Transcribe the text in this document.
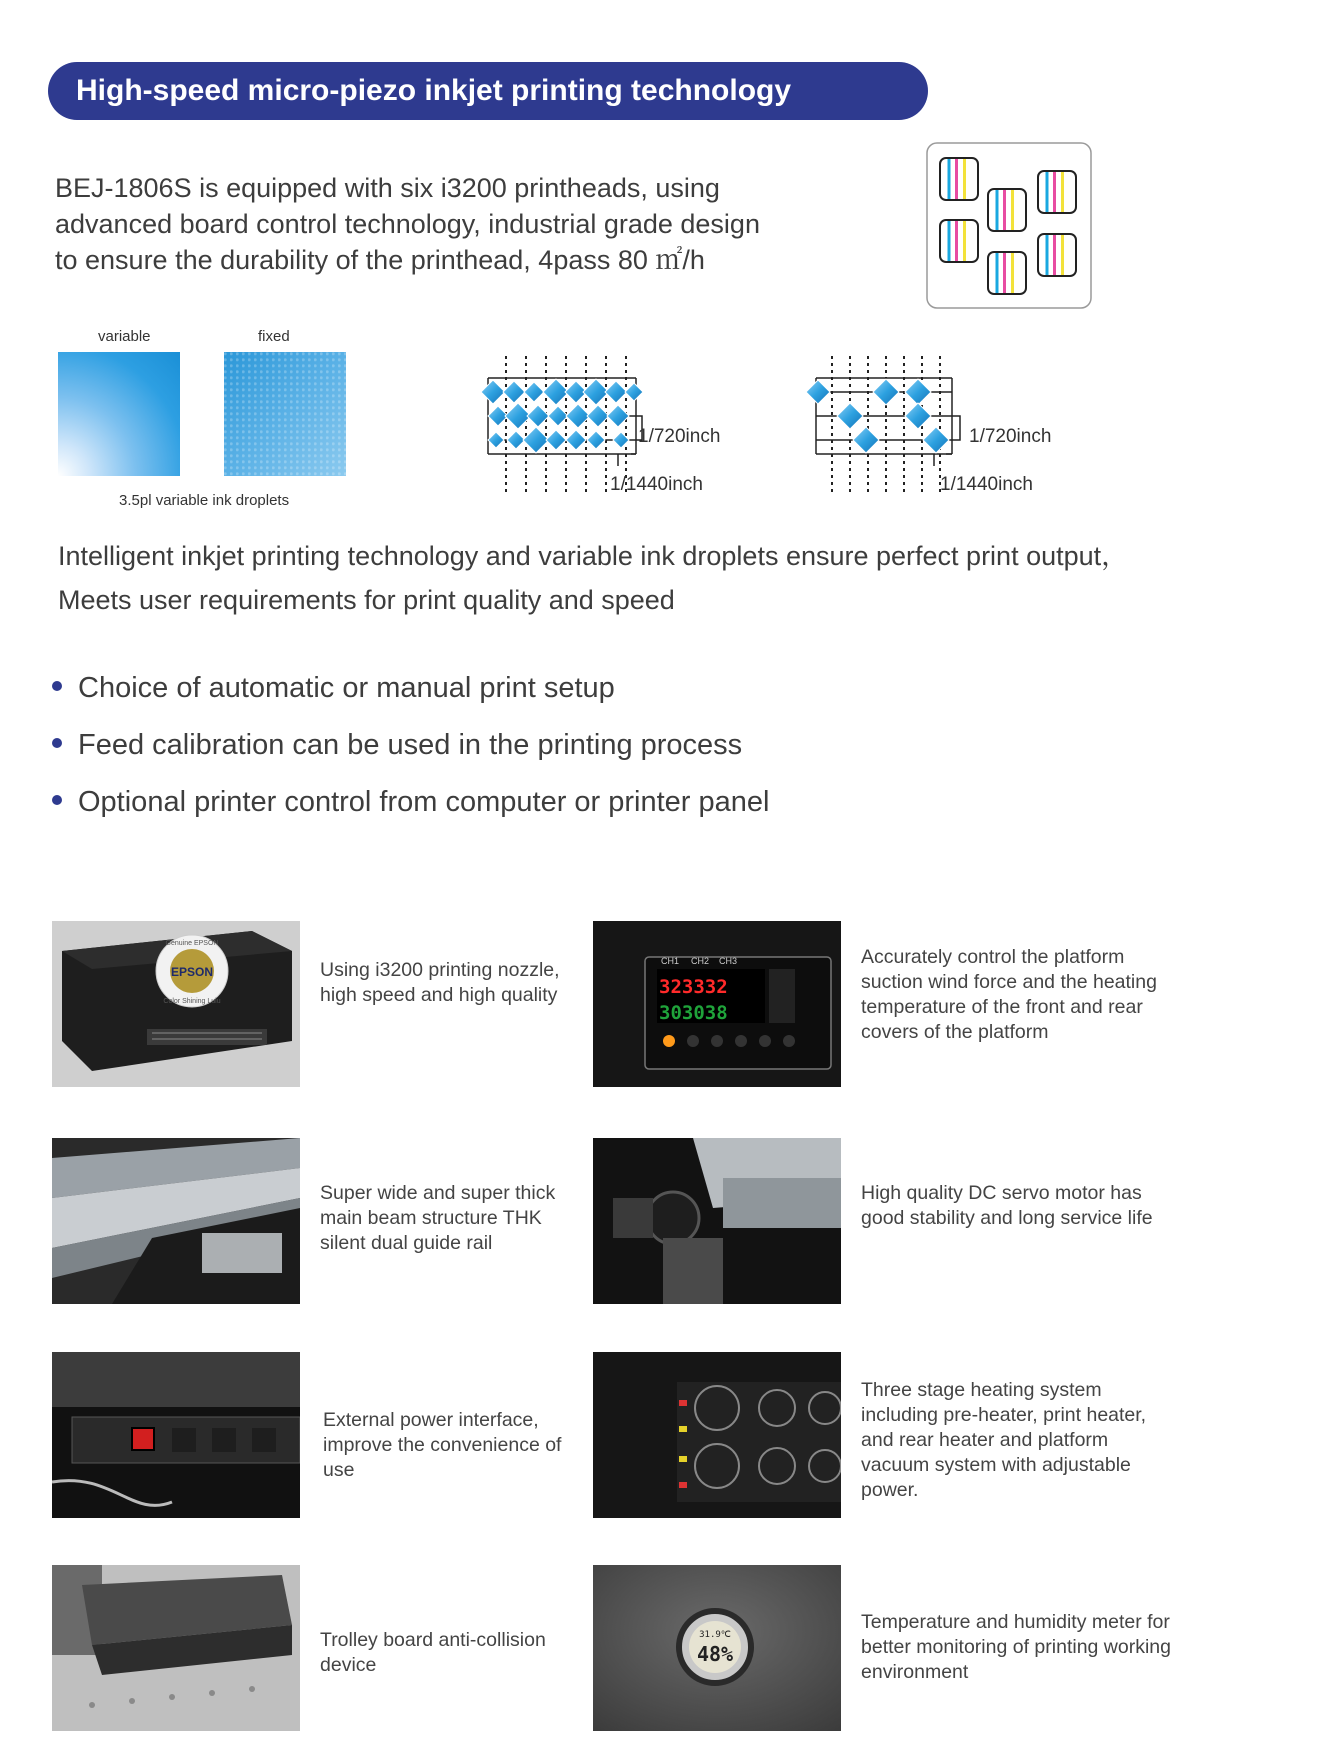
High-speed micro-piezo inkjet printing technology
BEJ-1806S is equipped with six i3200 printheads, using
advanced board control technology, industrial grade design
to ensure the durability of the printhead, 4pass 80 ㎡/h
variable	fixed
3.5pl variable ink droplets
1/720inch
1/1440inch
1/720inch
1/1440inch
Intelligent inkjet printing technology and variable ink droplets ensure perfect print output，
Meets user requirements for print quality and speed
Choice of automatic or manual print setup
Feed calibration can be used in the printing process
Optional printer control from computer or printer panel
EPSON
Genuine EPSON
Color Shining Lulu
Using i3200 printing nozzle, high speed and high quality
CH1 CH2 CH3
323332
303038
Accurately control the platform suction wind force and the heating temperature of the front and rear covers of the platform
Super wide and super thick main beam structure THK silent dual guide rail
High quality DC servo motor has good stability and long service life
External power interface, improve the convenience of use
Three stage heating system including pre-heater, print heater, and rear heater and platform vacuum system with adjustable power.
Trolley board anti-collision device
31.9℃
48%
Temperature and humidity meter for better monitoring of printing working environment
